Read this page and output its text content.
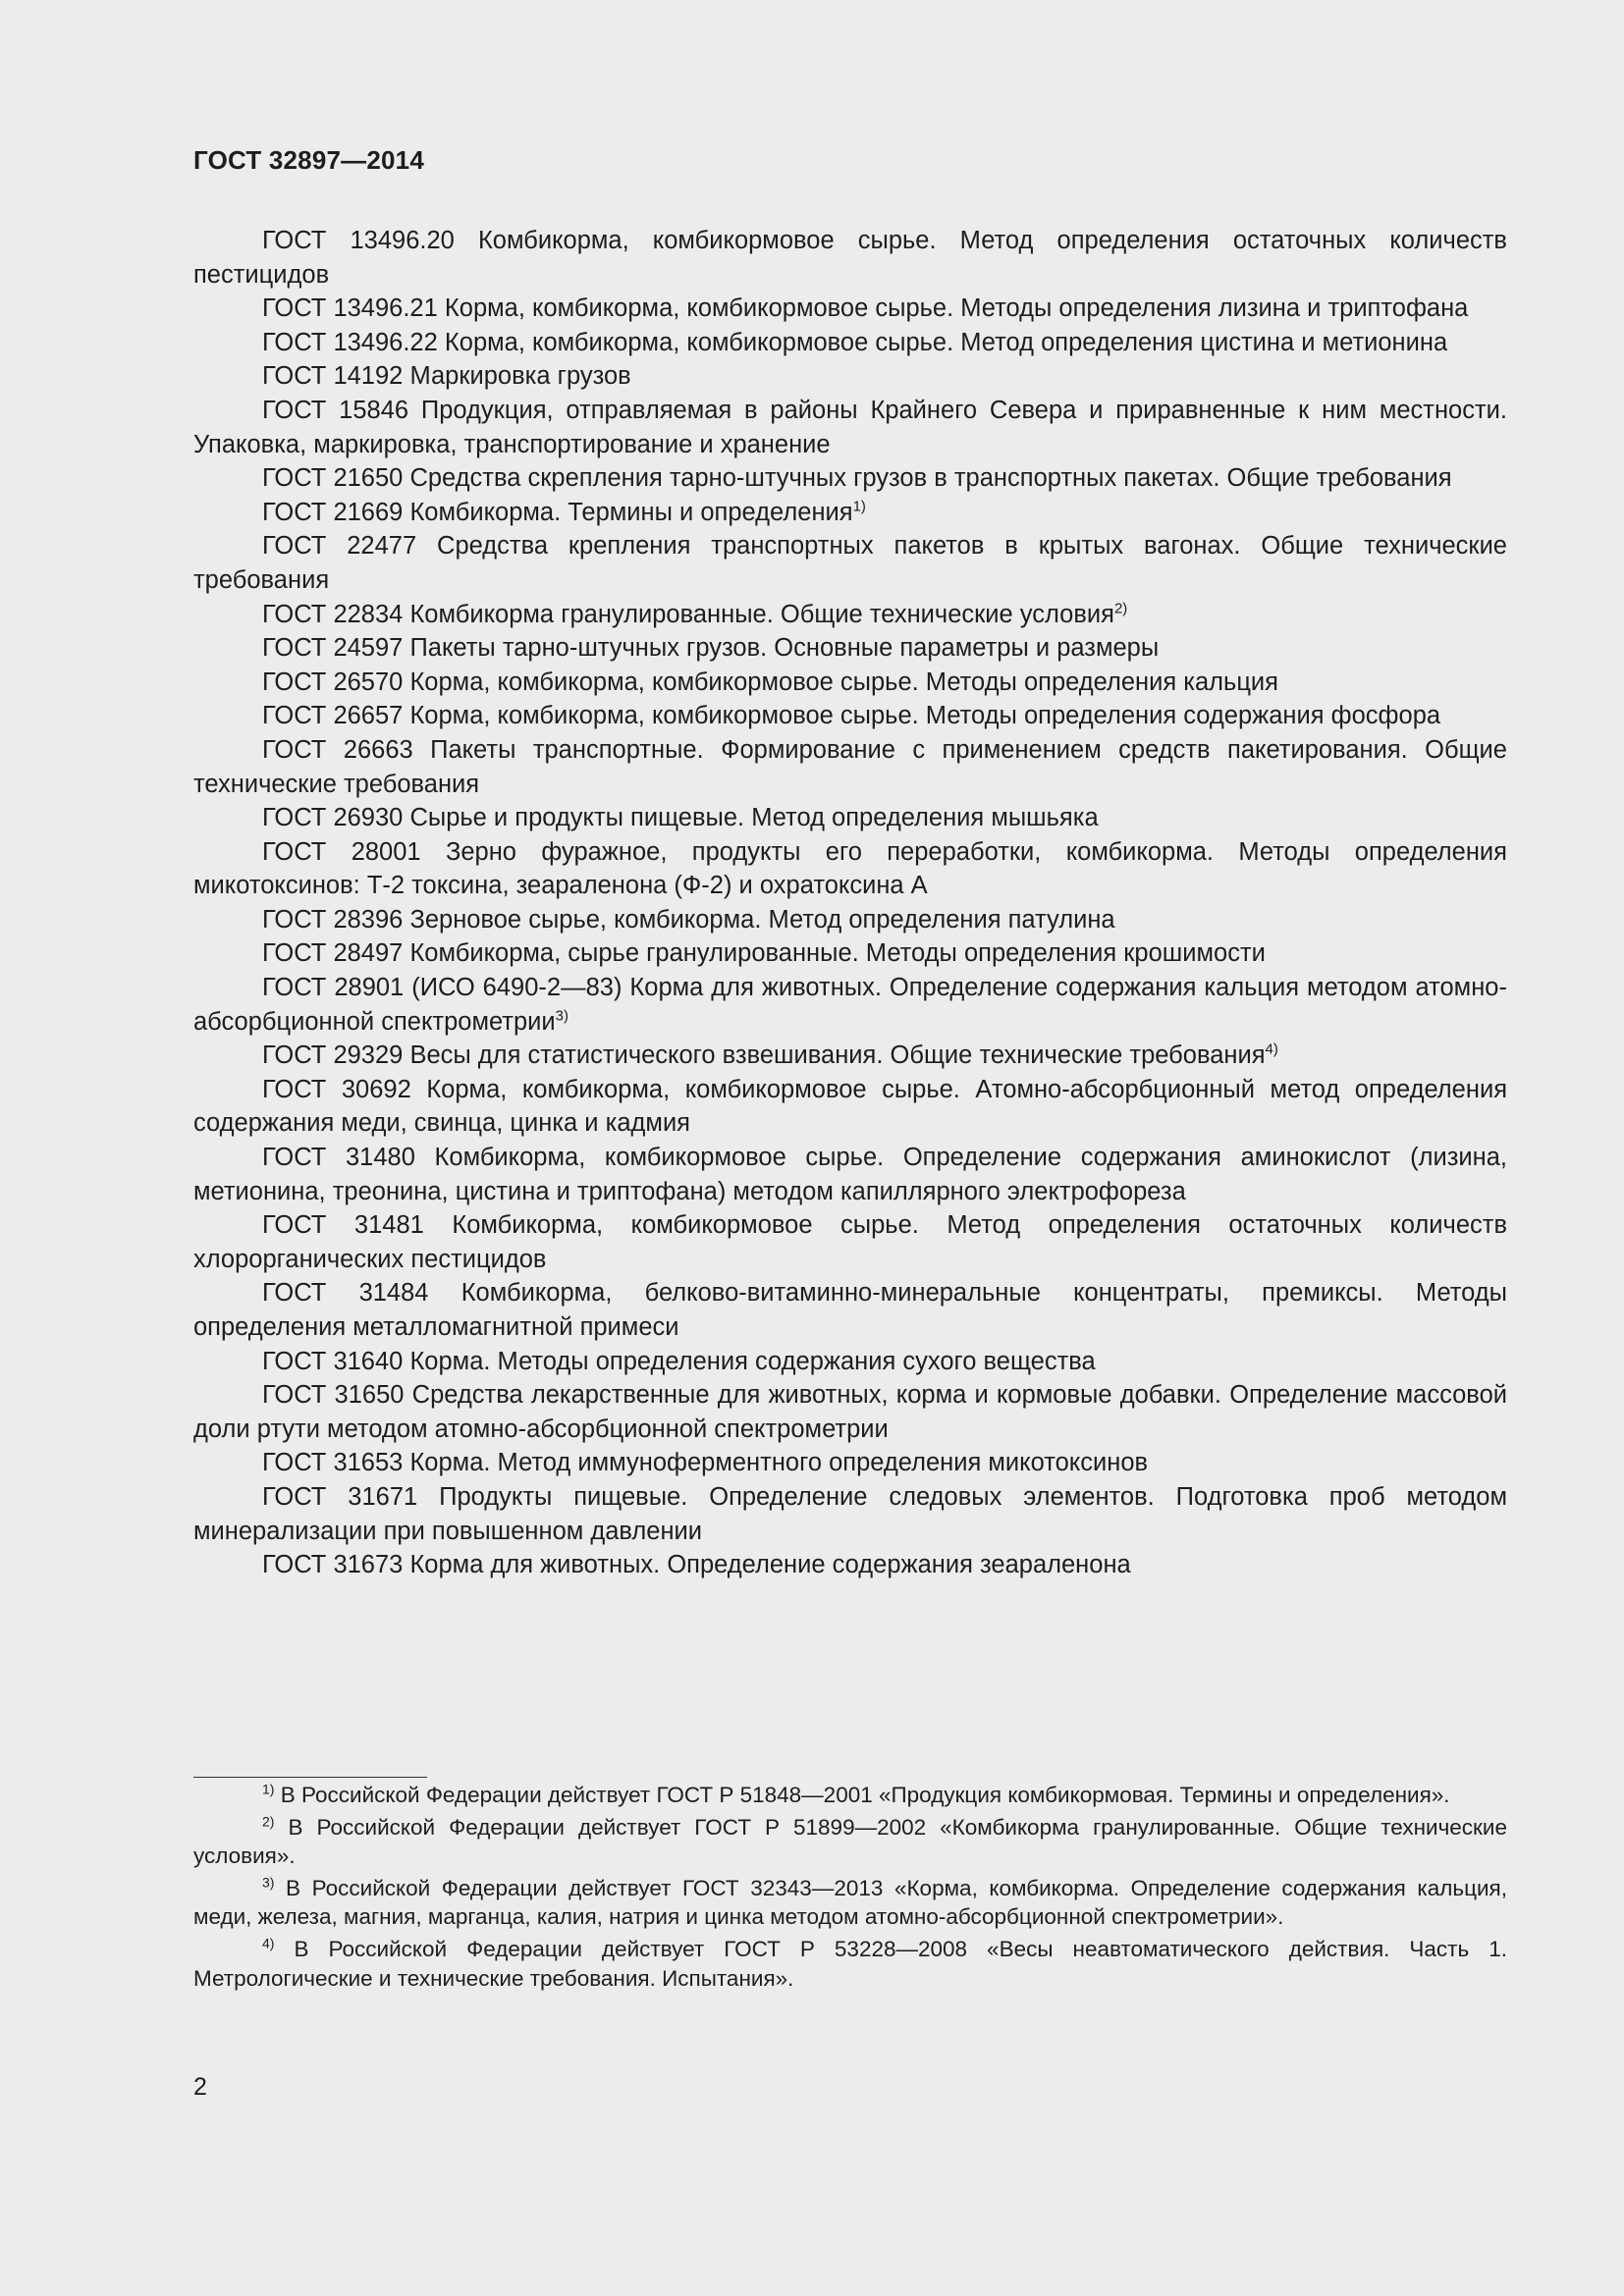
ГОСТ 32897—2014

ГОСТ 13496.20 Комбикорма, комбикормовое сырье. Метод определения остаточных количеств пестицидов

ГОСТ 13496.21 Корма, комбикорма, комбикормовое сырье. Методы определения лизина и триптофана

ГОСТ 13496.22 Корма, комбикорма, комбикормовое сырье. Метод определения цистина и метионина

ГОСТ 14192 Маркировка грузов

ГОСТ 15846 Продукция, отправляемая в районы Крайнего Севера и приравненные к ним местности. Упаковка, маркировка, транспортирование и хранение

ГОСТ 21650 Средства скрепления тарно-штучных грузов в транспортных пакетах. Общие требования

ГОСТ 21669 Комбикорма. Термины и определения$^{1)}$

ГОСТ 22477 Средства крепления транспортных пакетов в крытых вагонах. Общие технические требования

ГОСТ 22834 Комбикорма гранулированные. Общие технические условия$^{2)}$

ГОСТ 24597 Пакеты тарно-штучных грузов. Основные параметры и размеры

ГОСТ 26570 Корма, комбикорма, комбикормовое сырье. Методы определения кальция

ГОСТ 26657 Корма, комбикорма, комбикормовое сырье. Методы определения содержания фосфора

ГОСТ 26663 Пакеты транспортные. Формирование с применением средств пакетирования. Общие технические требования

ГОСТ 26930 Сырье и продукты пищевые. Метод определения мышьяка

ГОСТ 28001 Зерно фуражное, продукты его переработки, комбикорма. Методы определения микотоксинов: Т-2 токсина, зеараленона (Ф-2) и охратоксина А

ГОСТ 28396 Зерновое сырье, комбикорма. Метод определения патулина

ГОСТ 28497 Комбикорма, сырье гранулированные. Методы определения крошимости

ГОСТ 28901 (ИСО 6490-2—83) Корма для животных. Определение содержания кальция методом атомно-абсорбционной спектрометрии$^{3)}$

ГОСТ 29329 Весы для статистического взвешивания. Общие технические требования$^{4)}$

ГОСТ 30692 Корма, комбикорма, комбикормовое сырье. Атомно-абсорбционный метод определения содержания меди, свинца, цинка и кадмия

ГОСТ 31480 Комбикорма, комбикормовое сырье. Определение содержания аминокислот (лизина, метионина, треонина, цистина и триптофана) методом капиллярного электрофореза

ГОСТ 31481 Комбикорма, комбикормовое сырье. Метод определения остаточных количеств хлорорганических пестицидов

ГОСТ 31484 Комбикорма, белково-витаминно-минеральные концентраты, премиксы. Методы определения металломагнитной примеси

ГОСТ 31640 Корма. Методы определения содержания сухого вещества

ГОСТ 31650 Средства лекарственные для животных, корма и кормовые добавки. Определение массовой доли ртути методом атомно-абсорбционной спектрометрии

ГОСТ 31653 Корма. Метод иммуноферментного определения микотоксинов

ГОСТ 31671 Продукты пищевые. Определение следовых элементов. Подготовка проб методом минерализации при повышенном давлении

ГОСТ 31673 Корма для животных. Определение содержания зеараленона

$^{1)}$ В Российской Федерации действует ГОСТ Р 51848—2001 «Продукция комбикормовая. Термины и определения».

$^{2)}$ В Российской Федерации действует ГОСТ Р 51899—2002 «Комбикорма гранулированные. Общие технические условия».

$^{3)}$ В Российской Федерации действует ГОСТ 32343—2013 «Корма, комбикорма. Определение содержания кальция, меди, железа, магния, марганца, калия, натрия и цинка методом атомно-абсорбционной спектрометрии».

$^{4)}$ В Российской Федерации действует ГОСТ Р 53228—2008 «Весы неавтоматического действия. Часть 1. Метрологические и технические требования. Испытания».

2
